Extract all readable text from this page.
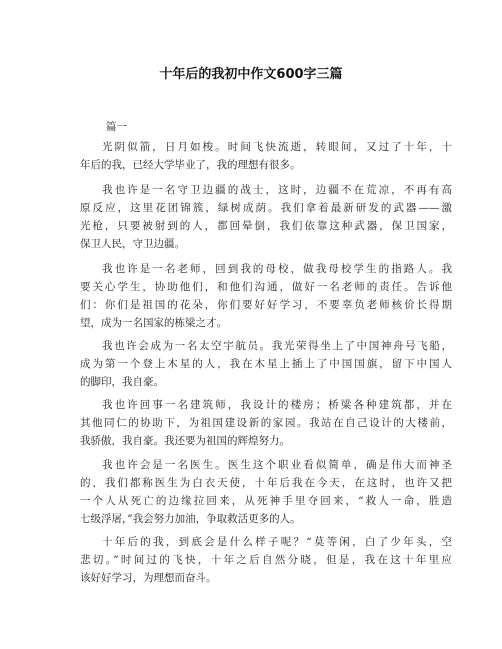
十年后的我初中作文600字三篇
篇一
光阴似箭，日月如梭。时间飞快流逝，转眼间，又过了十年，十
年后的我，已经大学毕业了，我的理想有很多。
我也许是一名守卫边疆的战士，这时，边疆不在荒凉，不再有高
原反应，这里花团锦簇，绿树成荫。我们拿着最新研发的武器——激
光枪，只要被射到的人，都回晕倒，我们依靠这种武器，保卫国家，
保卫人民，守卫边疆。
我也许是一名老师，回到我的母校，做我母校学生的指路人。我
要关心学生，协助他们，和他们沟通，做好一名老师的责任。告诉他
们：你们是祖国的花朵，你们要好好学习，不要辜负老师核价长得期
望，成为一名国家的栋梁之才。
我也许会成为一名太空宇航员。我光荣得坐上了中国神舟号飞船，
成为第一个登上木星的人，我在木星上插上了中国国旗，留下中国人
的脚印，我自豪。
我也许回事一名建筑师，我设计的楼房；桥梁各种建筑都，并在
其他同仁的协助下，为祖国建设新的家园。我站在自己设计的大楼前，
我骄傲，我自豪。我还要为祖国的辉煌努力。
我也许会是一名医生。医生这个职业看似简单，确是伟大而神圣
的，我们都称医生为白衣天使，十年后我在今天，在这时，也许又把
一个人从死亡的边缘拉回来，从死神手里夺回来，“救人一命，胜造
七级浮屠，”我会努力加油，争取救活更多的人。
十年后的我，到底会是什么样子呢？“莫等闲，白了少年头，空
悲切。”时间过的飞快，十年之后自然分晓，但是，我在这十年里应
该好好学习，为理想而奋斗。
